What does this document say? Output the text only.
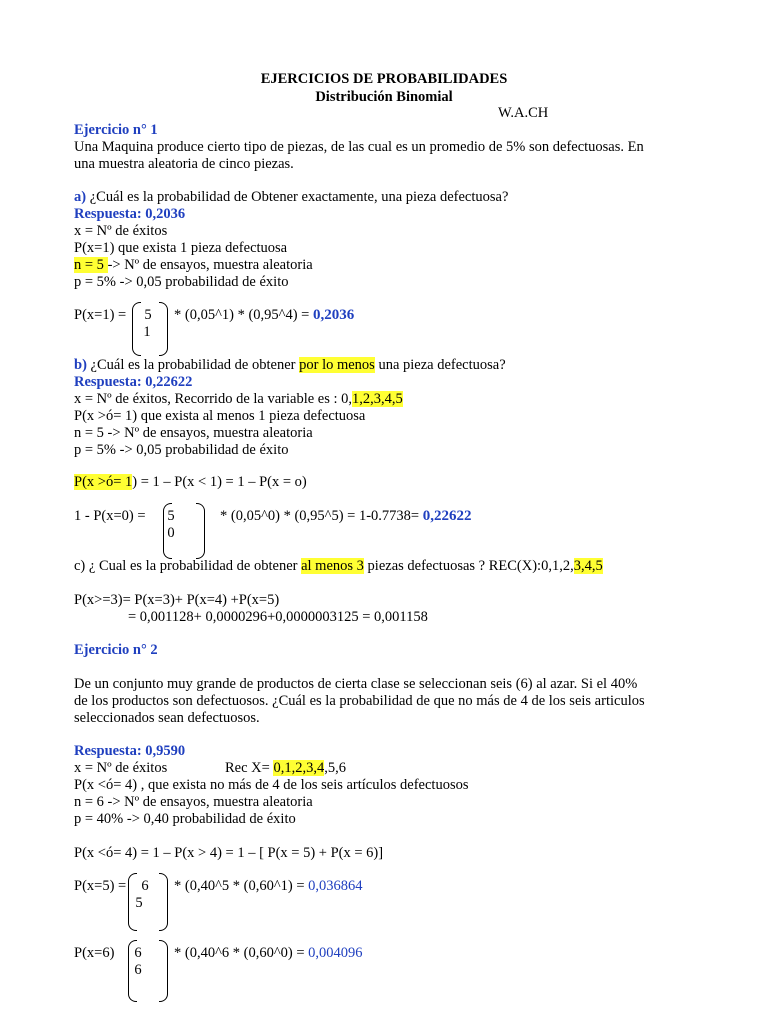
EJERCICIOS DE PROBABILIDADES
Distribución Binomial
W.A.CH
Ejercicio n° 1
Una Maquina produce cierto tipo de piezas, de las cual es un promedio de 5% son defectuosas. En
una muestra aleatoria de cinco piezas.
a) ¿Cuál es la probabilidad de Obtener exactamente, una pieza defectuosa?
Respuesta: 0,2036
x = Nº de éxitos
P(x=1) que exista 1 pieza defectuosa
n = 5 -> Nº de ensayos, muestra aleatoria
p = 5% -> 0,05 probabilidad de éxito
P(x=1) =	5
1
* (0,05^1) * (0,95^4) = 0,2036
b) ¿Cuál es la probabilidad de obtener por lo menos una pieza defectuosa?
Respuesta: 0,22622
x = Nº de éxitos, Recorrido de la variable es : 0,1,2,3,4,5
P(x >ó= 1) que exista al menos 1 pieza defectuosa
n = 5 -> Nº de ensayos, muestra aleatoria
p = 5% -> 0,05 probabilidad de éxito
P(x >ó= 1) = 1 – P(x < 1) = 1 – P(x = o)
1 - P(x=0) =	5
0
* (0,05^0) * (0,95^5) = 1-0.7738= 0,22622
c) ¿ Cual es la probabilidad de obtener al menos 3 piezas defectuosas ? REC(X):0,1,2,3,4,5
P(x>=3)= P(x=3)+ P(x=4) +P(x=5)
= 0,001128+ 0,0000296+0,0000003125 = 0,001158
Ejercicio n° 2
De un conjunto muy grande de productos de cierta clase se seleccionan seis (6) al azar. Si el 40%
de los productos son defectuosos. ¿Cuál es la probabilidad de que no más de 4 de los seis articulos
seleccionados sean defectuosos.
Respuesta: 0,9590
x = Nº de éxitos	Rec X= 0,1,2,3,4,5,6
P(x <ó= 4) , que exista no más de 4 de los seis artículos defectuosos
n = 6 -> Nº de ensayos, muestra aleatoria
p = 40% -> 0,40 probabilidad de éxito
P(x <ó= 4) = 1 – P(x > 4) = 1 – [ P(x = 5) + P(x = 6)]
P(x=5) =	6
5
* (0,40^5 * (0,60^1) = 0,036864
P(x=6)	6
6
* (0,40^6 * (0,60^0) = 0,004096
